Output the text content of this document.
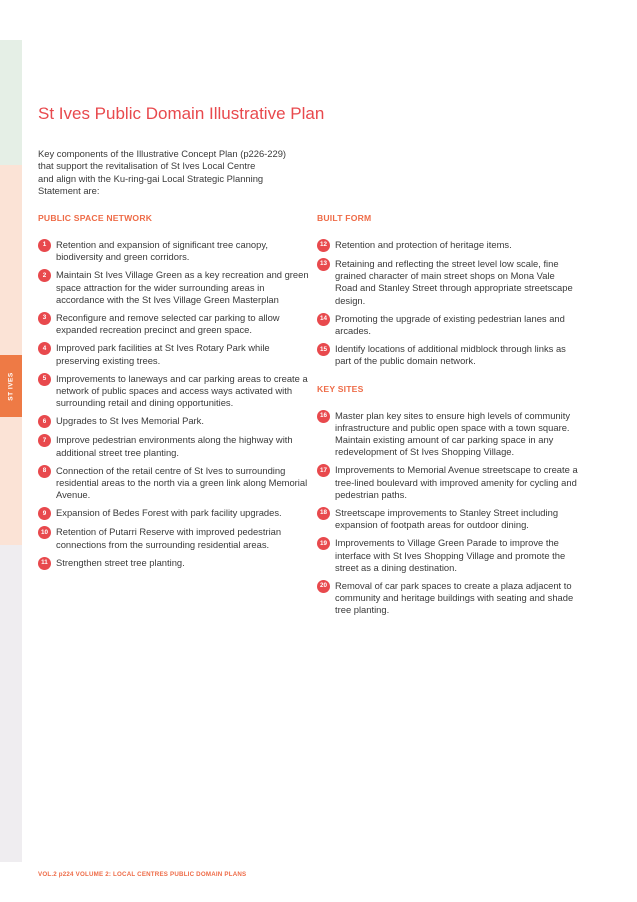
ST IVES
St Ives Public Domain Illustrative Plan
Key components of the Illustrative Concept Plan (p226-229)
that support the revitalisation of St Ives Local Centre
and align with the Ku-ring-gai Local Strategic Planning
Statement are:
PUBLIC SPACE NETWORK
1	Retention and expansion of significant tree canopy, biodiversity and green corridors.
2	Maintain St Ives Village Green as a key recreation and green space attraction for the wider surrounding areas in accordance with the St Ives Village Green Masterplan
3	Reconfigure and remove selected car parking to allow expanded recreation precinct and green space.
4	Improved park facilities at St Ives Rotary Park while preserving existing trees.
5	Improvements to laneways and car parking areas to create a network of public spaces and access ways activated with surrounding retail and dining opportunities.
6	Upgrades to St Ives Memorial Park.
7	Improve pedestrian environments along the highway with additional street tree planting.
8	Connection of the retail centre of St Ives to surrounding residential areas to the north via a green link along Memorial Avenue.
9	Expansion of Bedes Forest with park facility upgrades.
10 Retention of Putarri Reserve with improved pedestrian connections from the surrounding residential areas.
11 Strengthen street tree planting.
BUILT FORM
12 Retention and protection of heritage items.
13 Retaining and reflecting the street level low scale, fine grained character of main street shops on Mona Vale Road and Stanley Street through appropriate streetscape design.
14 Promoting the upgrade of existing pedestrian lanes and arcades.
15 Identify locations of additional midblock through links as part of the public domain network.
KEY SITES
16 Master plan key sites to ensure high levels of community infrastructure and public open space with a town square. Maintain existing amount of car parking space in any redevelopment of St Ives Shopping Village.
17 Improvements to Memorial Avenue streetscape to create a tree-lined boulevard with improved amenity for cycling and pedestrian paths.
18 Streetscape improvements to Stanley Street including expansion of footpath areas for outdoor dining.
19 Improvements to Village Green Parade to improve the interface with St Ives Shopping Village and promote the street as a dining destination.
20 Removal of car park spaces to create a plaza adjacent to community and heritage buildings with seating and shade tree planting.
VOL.2 p224 VOLUME 2: LOCAL CENTRES PUBLIC DOMAIN PLANS
